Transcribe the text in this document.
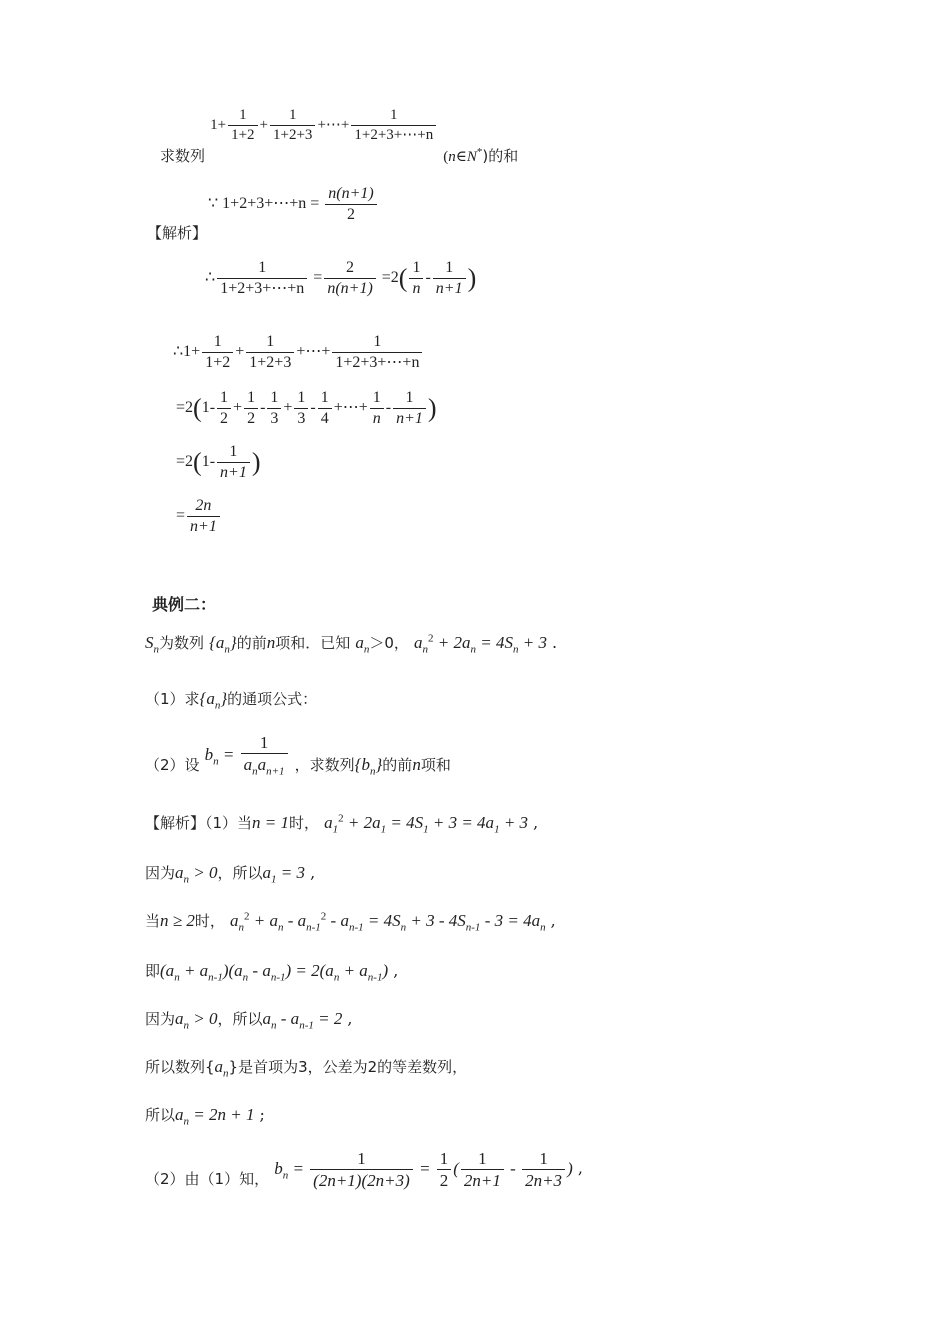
求数列 $1+ \frac{1}{1+2} + \frac{1}{1+2+3}$ +⋯+ $\frac{1}{1+2+3+\cdots+n}$
(n∈N*)的和
【解析】
∵ 1+2+3+⋯+n = $\frac{n(n+1)}{2}$
∴ $\frac{1}{1+2+3+\cdots+n} = \frac{2}{n(n+1)} =2( \frac{1}{n} - \frac{1}{n+1}$ )
∴1+ $\frac{1}{1+2} + \frac{1}{1+2+3}$ +⋯+ $\frac{1}{1+2+3+\cdots+n}$
$=2(1- \frac{1}{2} + \frac{1}{2} - \frac{1}{3} + \frac{1}{3} - \frac{1}{4}$ +⋯+ $\frac{1}{n} - \frac{1}{n+1}$ )
$=2(1- \frac{1}{n+1}$ )
= $\frac{2n}{n+1}$
典例二：
$S_n$为数列 $\{a_n\}$的前n项和．已知 $a_n>0$， $a_n^2 + 2a_n = 4S_n + 3$ .
（1）求$\{a_n\}$的通项公式：
（2）设 $b_n = \frac{1}{a_na_{n+1}}$ ，求数列$\{b_n\}$的前n项和
【解析】（1）当n = 1时， $a_1^2 + 2a_1 = 4S_1 + 3 = 4a_1 + 3$ ,
因为$a_n > 0$，所以$a_1 = 3$ ,
当n ≥ 2时， $a_n^2 + a_n - a_{n-1}^2 - a_{n-1} = 4S_n + 3 - 4S_{n-1} - 3 = 4a_n$ ,
即$(a_n + a_{n-1})(a_n - a_{n-1}) = 2(a_n + a_{n-1})$ ,
因为$a_n > 0$，所以$a_n - a_{n-1} = 2$ ,
所以数列$\{a_n\}$是首项为3，公差为2的等差数列，
所以$a_n = 2n + 1$ ;
（2）由（1）知， $b_n = \frac{1}{(2n+1)(2n+3)} = \frac{1}{2}$ ( $\frac{1}{2n+1} - \frac{1}{2n+3}$ ) ,
